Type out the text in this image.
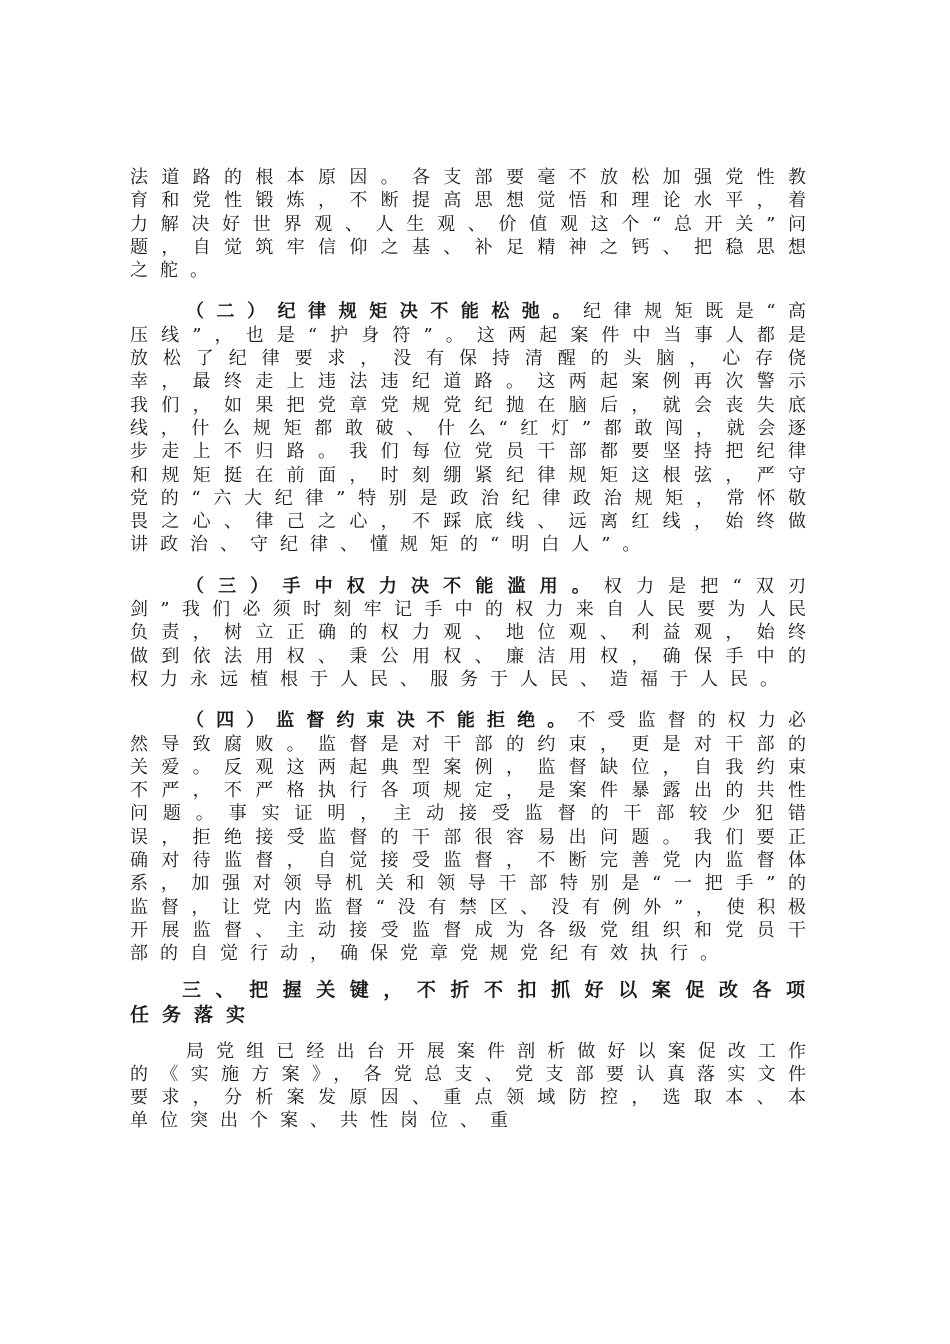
法道路的根本原因。各支部要毫不放松加强党性教育和党性锻炼，不断提高思想觉悟和理论水平，着力解决好世界观、人生观、价值观这个“总开关”问题，自觉筑牢信仰之基、补足精神之钙、把稳思想之舵。

（二）纪律规矩决不能松弛。纪律规矩既是“高压线”，也是“护身符”。这两起案件中当事人都是放松了纪律要求，没有保持清醒的头脑，心存侥幸，最终走上违法违纪道路。这两起案例再次警示我们，如果把党章党规党纪抛在脑后，就会丧失底线，什么规矩都敢破、什么“红灯”都敢闯，就会逐步走上不归路。我们每位党员干部都要坚持把纪律和规矩挺在前面，时刻绷紧纪律规矩这根弦，严守党的“六大纪律”特别是政治纪律政治规矩，常怀敬畏之心、律己之心，不踩底线、远离红线，始终做讲政治、守纪律、懂规矩的“明白人”。

（三）手中权力决不能滥用。权力是把“双刃剑”我们必须时刻牢记手中的权力来自人民要为人民负责，树立正确的权力观、地位观、利益观，始终做到依法用权、秉公用权、廉洁用权，确保手中的权力永远植根于人民、服务于人民、造福于人民。

（四）监督约束决不能拒绝。不受监督的权力必然导致腐败。监督是对干部的约束，更是对干部的关爱。反观这两起典型案例，监督缺位，自我约束不严，不严格执行各项规定，是案件暴露出的共性问题。事实证明，主动接受监督的干部较少犯错误，拒绝接受监督的干部很容易出问题。我们要正确对待监督，自觉接受监督，不断完善党内监督体系，加强对领导机关和领导干部特别是“一把手”的监督，让党内监督“没有禁区、没有例外”，使积极开展监督、主动接受监督成为各级党组织和党员干部的自觉行动，确保党章党规党纪有效执行。

三、把握关键，不折不扣抓好以案促改各项任务落实

局党组已经出台开展案件剖析做好以案促改工作的《实施方案》，各党总支、党支部要认真落实文件要求，分析案发原因、重点领域防控，选取本、本单位突出个案、共性岗位、重
